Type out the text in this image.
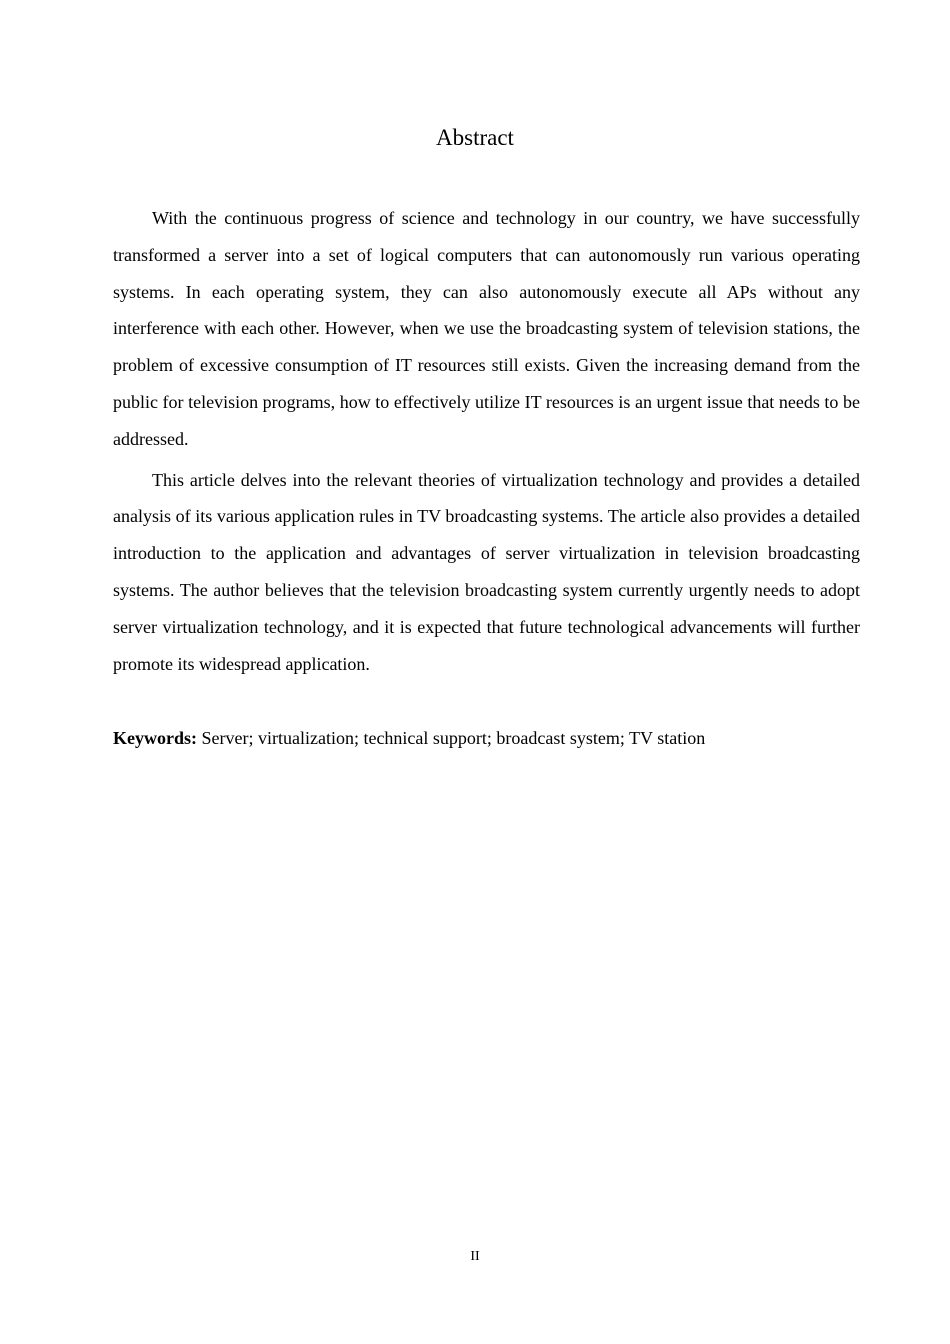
Abstract

With the continuous progress of science and technology in our country, we have successfully transformed a server into a set of logical computers that can autonomously run various operating systems. In each operating system, they can also autonomously execute all APs without any interference with each other. However, when we use the broadcasting system of television stations, the problem of excessive consumption of IT resources still exists. Given the increasing demand from the public for television programs, how to effectively utilize IT resources is an urgent issue that needs to be addressed.

This article delves into the relevant theories of virtualization technology and provides a detailed analysis of its various application rules in TV broadcasting systems. The article also provides a detailed introduction to the application and advantages of server virtualization in television broadcasting systems. The author believes that the television broadcasting system currently urgently needs to adopt server virtualization technology, and it is expected that future technological advancements will further promote its widespread application.

Keywords: Server; virtualization; technical support; broadcast system; TV station

II
